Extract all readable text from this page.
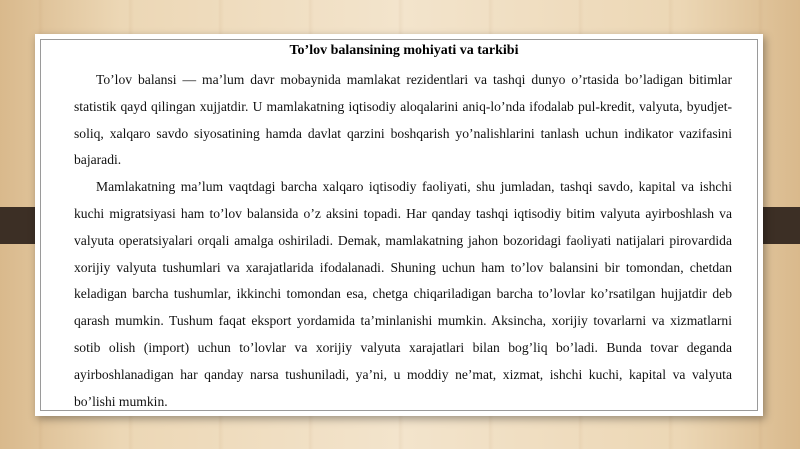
To’lov balansining mohiyati va tarkibi

To’lov balansi — ma’lum davr mobaynida mamlakat rezidentlari va tashqi dunyo o’rtasida bo’ladigan bitimlar statistik qayd qilingan xujjatdir. U mamlakatning iqtisodiy aloqalarini aniq-lo’nda ifodalab pul-kredit, valyuta, byudjet-soliq, xalqaro savdo siyosatining hamda davlat qarzini boshqarish yo’nalishlarini tanlash uchun indikator vazifasini bajaradi.

Mamlakatning ma’lum vaqtdagi barcha xalqaro iqtisodiy faoliyati, shu jumladan, tashqi savdo, kapital va ishchi kuchi migratsiyasi ham to’lov balansida o’z aksini topadi. Har qanday tashqi iqtisodiy bitim valyuta ayirboshlash va valyuta operatsiyalari orqali amalga oshiriladi. Demak, mamlakatning jahon bozoridagi faoliyati natijalari pirovardida xorijiy valyuta tushumlari va xarajatlarida ifodalanadi. Shuning uchun ham to’lov balansini bir tomondan, chetdan keladigan barcha tushumlar, ikkinchi tomondan esa, chetga chiqariladigan barcha to’lovlar ko’rsatilgan hujjatdir deb qarash mumkin. Tushum faqat eksport yordamida ta’minlanishi mumkin. Aksincha, xorijiy tovarlarni va xizmatlarni sotib olish (import) uchun to’lovlar va xorijiy valyuta xarajatlari bilan bog’liq bo’ladi. Bunda tovar deganda ayirboshlanadigan har qanday narsa tushuniladi, ya’ni, u moddiy ne’mat, xizmat, ishchi kuchi, kapital va valyuta bo’lishi mumkin.
